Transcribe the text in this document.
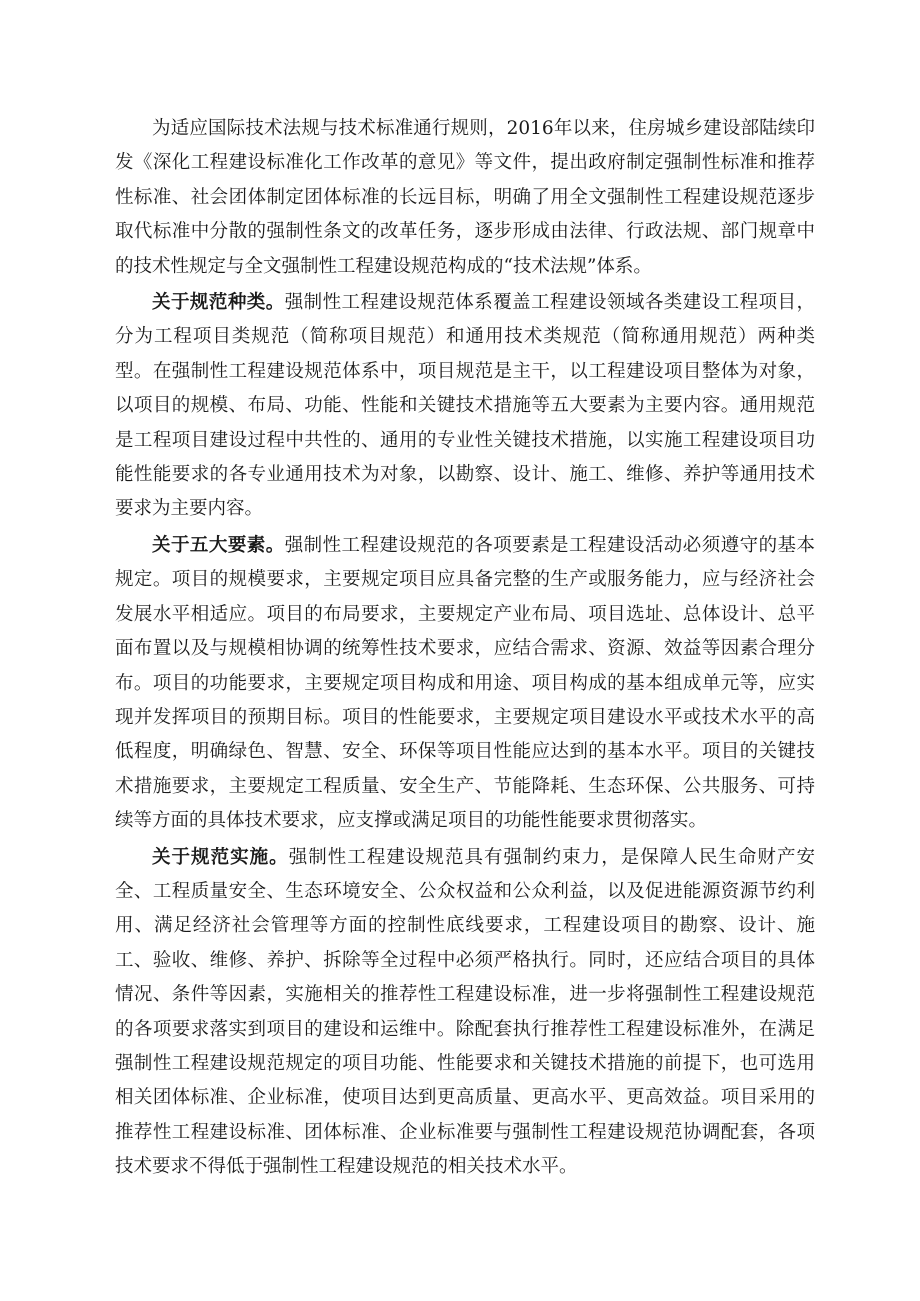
为适应国际技术法规与技术标准通行规则，2016年以来，住房城乡建设部陆续印发《深化工程建设标准化工作改革的意见》等文件，提出政府制定强制性标准和推荐性标准、社会团体制定团体标准的长远目标，明确了用全文强制性工程建设规范逐步取代标准中分散的强制性条文的改革任务，逐步形成由法律、行政法规、部门规章中的技术性规定与全文强制性工程建设规范构成的“技术法规”体系。

关于规范种类。强制性工程建设规范体系覆盖工程建设领域各类建设工程项目，分为工程项目类规范（简称项目规范）和通用技术类规范（简称通用规范）两种类型。在强制性工程建设规范体系中，项目规范是主干，以工程建设项目整体为对象，以项目的规模、布局、功能、性能和关键技术措施等五大要素为主要内容。通用规范是工程项目建设过程中共性的、通用的专业性关键技术措施，以实施工程建设项目功能性能要求的各专业通用技术为对象，以勘察、设计、施工、维修、养护等通用技术要求为主要内容。

关于五大要素。强制性工程建设规范的各项要素是工程建设活动必须遵守的基本规定。项目的规模要求，主要规定项目应具备完整的生产或服务能力，应与经济社会发展水平相适应。项目的布局要求，主要规定产业布局、项目选址、总体设计、总平面布置以及与规模相协调的统筹性技术要求，应结合需求、资源、效益等因素合理分布。项目的功能要求，主要规定项目构成和用途、项目构成的基本组成单元等，应实现并发挥项目的预期目标。项目的性能要求，主要规定项目建设水平或技术水平的高低程度，明确绿色、智慧、安全、环保等项目性能应达到的基本水平。项目的关键技术措施要求，主要规定工程质量、安全生产、节能降耗、生态环保、公共服务、可持续等方面的具体技术要求，应支撑或满足项目的功能性能要求贯彻落实。

关于规范实施。强制性工程建设规范具有强制约束力，是保障人民生命财产安全、工程质量安全、生态环境安全、公众权益和公众利益，以及促进能源资源节约利用、满足经济社会管理等方面的控制性底线要求，工程建设项目的勘察、设计、施工、验收、维修、养护、拆除等全过程中必须严格执行。同时，还应结合项目的具体情况、条件等因素，实施相关的推荐性工程建设标准，进一步将强制性工程建设规范的各项要求落实到项目的建设和运维中。除配套执行推荐性工程建设标准外，在满足强制性工程建设规范规定的项目功能、性能要求和关键技术措施的前提下，也可选用相关团体标准、企业标准，使项目达到更高质量、更高水平、更高效益。项目采用的推荐性工程建设标准、团体标准、企业标准要与强制性工程建设规范协调配套，各项技术要求不得低于强制性工程建设规范的相关技术水平。
